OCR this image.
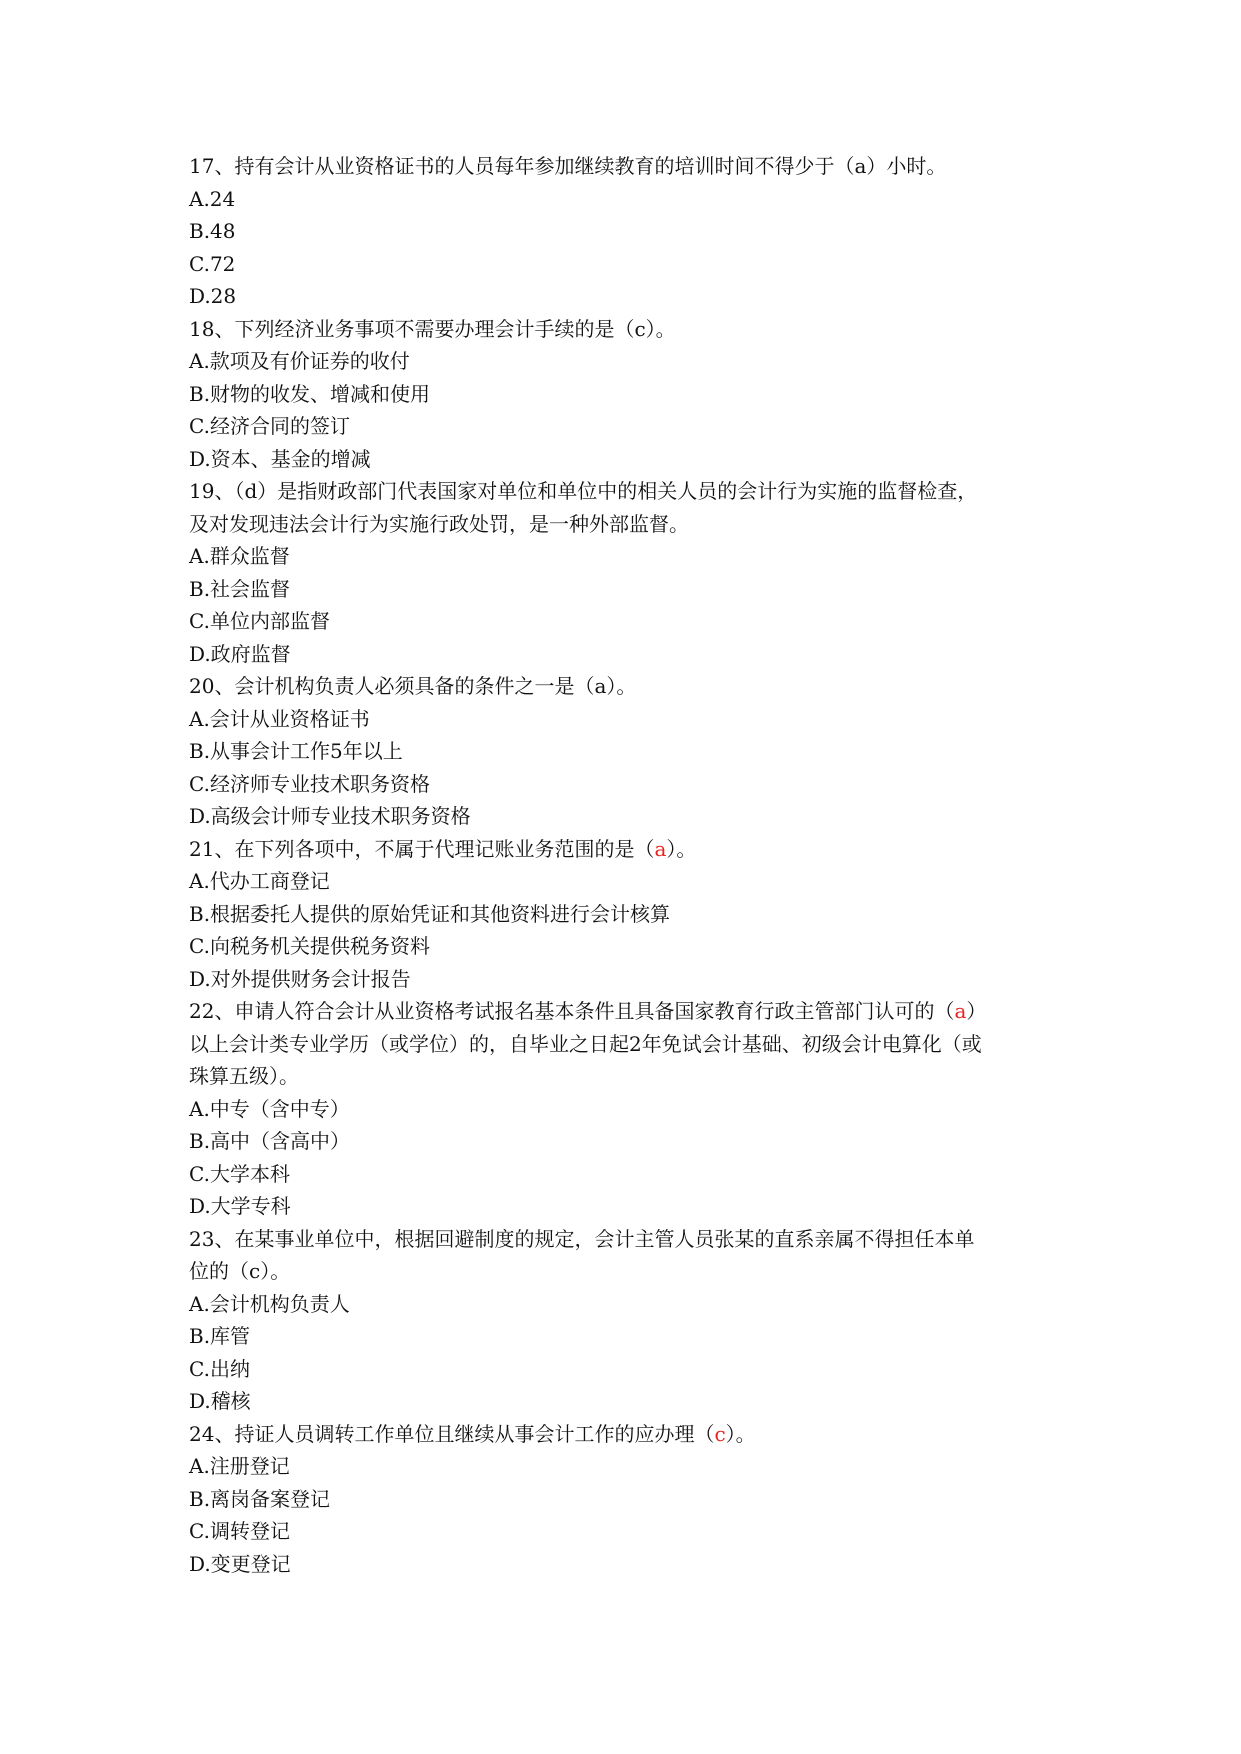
17、持有会计从业资格证书的人员每年参加继续教育的培训时间不得少于（a）小时。
A.24
B.48
C.72
D.28
18、下列经济业务事项不需要办理会计手续的是（c）。
A.款项及有价证券的收付
B.财物的收发、增减和使用
C.经济合同的签订
D.资本、基金的增减
19、（d）是指财政部门代表国家对单位和单位中的相关人员的会计行为实施的监督检查，
及对发现违法会计行为实施行政处罚，是一种外部监督。
A.群众监督
B.社会监督
C.单位内部监督
D.政府监督
20、会计机构负责人必须具备的条件之一是（a）。
A.会计从业资格证书
B.从事会计工作5年以上
C.经济师专业技术职务资格
D.高级会计师专业技术职务资格
21、在下列各项中，不属于代理记账业务范围的是（a）。
A.代办工商登记
B.根据委托人提供的原始凭证和其他资料进行会计核算
C.向税务机关提供税务资料
D.对外提供财务会计报告
22、申请人符合会计从业资格考试报名基本条件且具备国家教育行政主管部门认可的（a）
以上会计类专业学历（或学位）的，自毕业之日起2年免试会计基础、初级会计电算化（或
珠算五级）。
A.中专（含中专）
B.高中（含高中）
C.大学本科
D.大学专科
23、在某事业单位中，根据回避制度的规定，会计主管人员张某的直系亲属不得担任本单
位的（c）。
A.会计机构负责人
B.库管
C.出纳
D.稽核
24、持证人员调转工作单位且继续从事会计工作的应办理（c）。
A.注册登记
B.离岗备案登记
C.调转登记
D.变更登记
